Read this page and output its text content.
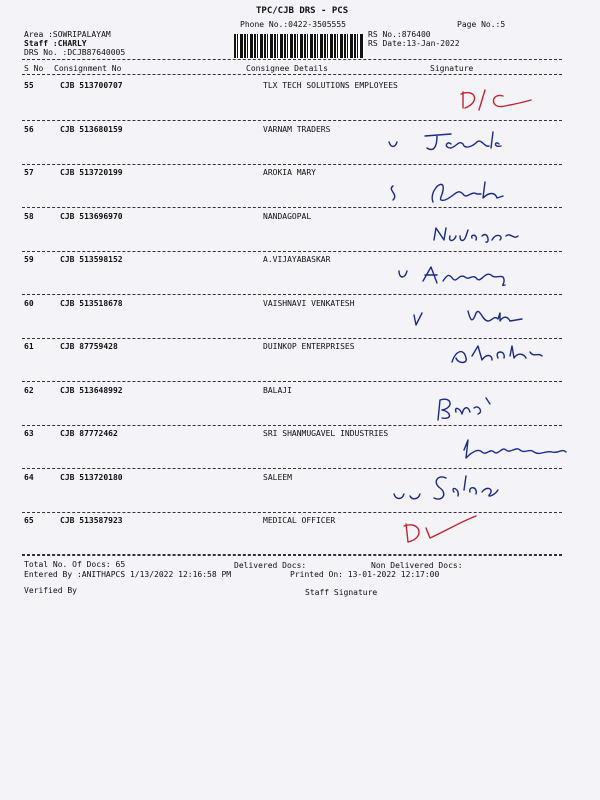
TPC/CJB DRS - PCS
Phone No.:0422-3505555	Page No.:5
Area :SOWRIPALAYAM
Staff :CHARLY
DRS No. :DCJB87640005
RS No.:876400
RS Date:13-Jan-2022
S No Consignment No	Consignee Details	Signature
55	CJB 513700707	TLX TECH SOLUTIONS EMPLOYEES
56	CJB 513680159	VARNAM TRADERS
57	CJB 513720199	AROKIA MARY
58	CJB 513696970	NANDAGOPAL
59	CJB 513598152	A.VIJAYABASKAR
60	CJB 513518678	VAISHNAVI VENKATESH
61	CJB 87759428	DUINKOP ENTERPRISES
62	CJB 513648992	BALAJI
63	CJB 87772462	SRI SHANMUGAVEL INDUSTRIES
64	CJB 513720180	SALEEM
65	CJB 513587923	MEDICAL OFFICER
Total No. Of Docs: 65	Delivered Docs:	Non Delivered Docs:
Entered By :ANITHAPCS 1/13/2022 12:16:58 PM	Printed On: 13-01-2022 12:17:00
Verified By	Staff Signature
